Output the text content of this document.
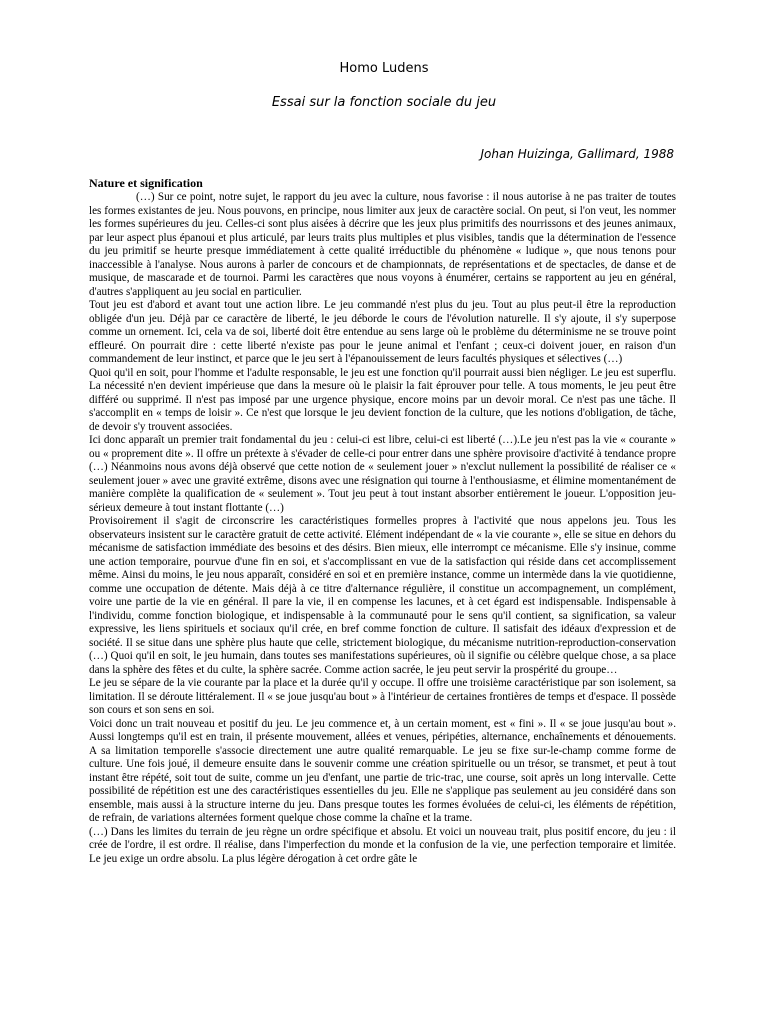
Homo Ludens
Essai sur la fonction sociale du jeu
Johan Huizinga, Gallimard, 1988
Nature et signification

(…) Sur ce point, notre sujet, le rapport du jeu avec la culture, nous favorise : il nous autorise à ne pas traiter de toutes les formes existantes de jeu. Nous pouvons, en principe, nous limiter aux jeux de caractère social. On peut, si l'on veut, les nommer les formes supérieures du jeu. Celles-ci sont plus aisées à décrire que les jeux plus primitifs des nourrissons et des jeunes animaux, par leur aspect plus épanoui et plus articulé, par leurs traits plus multiples et plus visibles, tandis que la détermination de l'essence du jeu primitif se heurte presque immédiatement à cette qualité irréductible du phénomène « ludique », que nous tenons pour inaccessible à l'analyse. Nous aurons à parler de concours et de championnats, de représentations et de spectacles, de danse et de musique, de mascarade et de tournoi. Parmi les caractères que nous voyons à énumérer, certains se rapportent au jeu en général, d'autres s'appliquent au jeu social en particulier.

Tout jeu est d'abord et avant tout une action libre. Le jeu commandé n'est plus du jeu. Tout au plus peut-il être la reproduction obligée d'un jeu. Déjà par ce caractère de liberté, le jeu déborde le cours de l'évolution naturelle. Il s'y ajoute, il s'y superpose comme un ornement. Ici, cela va de soi, liberté doit être entendue au sens large où le problème du déterminisme ne se trouve point effleuré. On pourrait dire : cette liberté n'existe pas pour le jeune animal et l'enfant ; ceux-ci doivent jouer, en raison d'un commandement de leur instinct, et parce que le jeu sert à l'épanouissement de leurs facultés physiques et sélectives (…)

Quoi qu'il en soit, pour l'homme et l'adulte responsable, le jeu est une fonction qu'il pourrait aussi bien négliger. Le jeu est superflu. La nécessité n'en devient impérieuse que dans la mesure où le plaisir la fait éprouver pour telle. A tous moments, le jeu peut être différé ou supprimé. Il n'est pas imposé par une urgence physique, encore moins par un devoir moral. Ce n'est pas une tâche. Il s'accomplit en « temps de loisir ». Ce n'est que lorsque le jeu devient fonction de la culture, que les notions d'obligation, de tâche, de devoir s'y trouvent associées.

Ici donc apparaît un premier trait fondamental du jeu : celui-ci est libre, celui-ci est liberté (…).Le jeu n'est pas la vie « courante » ou « proprement dite ». Il offre un prétexte à s'évader de celle-ci pour entrer dans une sphère provisoire d'activité à tendance propre (…) Néanmoins nous avons déjà observé que cette notion de « seulement jouer » n'exclut nullement la possibilité de réaliser ce « seulement jouer » avec une gravité extrême, disons avec une résignation qui tourne à l'enthousiasme, et élimine momentanément de manière complète la qualification de « seulement ». Tout jeu peut à tout instant absorber entièrement le joueur. L'opposition jeu-sérieux demeure à tout instant flottante (…)

Provisoirement il s'agit de circonscrire les caractéristiques formelles propres à l'activité que nous appelons jeu. Tous les observateurs insistent sur le caractère gratuit de cette activité. Elément indépendant de « la vie courante », elle se situe en dehors du mécanisme de satisfaction immédiate des besoins et des désirs. Bien mieux, elle interrompt ce mécanisme. Elle s'y insinue, comme une action temporaire, pourvue d'une fin en soi, et s'accomplissant en vue de la satisfaction qui réside dans cet accomplissement même. Ainsi du moins, le jeu nous apparaît, considéré en soi et en première instance, comme un intermède dans la vie quotidienne, comme une occupation de détente. Mais déjà à ce titre d'alternance régulière, il constitue un accompagnement, un complément, voire une partie de la vie en général. Il pare la vie, il en compense les lacunes, et à cet égard est indispensable. Indispensable à l'individu, comme fonction biologique, et indispensable à la communauté pour le sens qu'il contient, sa signification, sa valeur expressive, les liens spirituels et sociaux qu'il crée, en bref comme fonction de culture. Il satisfait des idéaux d'expression et de société. Il se situe dans une sphère plus haute que celle, strictement biologique, du mécanisme nutrition-reproduction-conservation (…) Quoi qu'il en soit, le jeu humain, dans toutes ses manifestations supérieures, où il signifie ou célèbre quelque chose, a sa place dans la sphère des fêtes et du culte, la sphère sacrée. Comme action sacrée, le jeu peut servir la prospérité du groupe…

Le jeu se sépare de la vie courante par la place et la durée qu'il y occupe. Il offre une troisième caractéristique par son isolement, sa limitation. Il se déroute littéralement. Il « se joue jusqu'au bout » à l'intérieur de certaines frontières de temps et d'espace. Il possède son cours et son sens en soi.

Voici donc un trait nouveau et positif du jeu. Le jeu commence et, à un certain moment, est « fini ». Il « se joue jusqu'au bout ». Aussi longtemps qu'il est en train, il présente mouvement, allées et venues, péripéties, alternance, enchaînements et dénouements. A sa limitation temporelle s'associe directement une autre qualité remarquable. Le jeu se fixe sur-le-champ comme forme de culture. Une fois joué, il demeure ensuite dans le souvenir comme une création spirituelle ou un trésor, se transmet, et peut à tout instant être répété, soit tout de suite, comme un jeu d'enfant, une partie de tric-trac, une course, soit après un long intervalle. Cette possibilité de répétition est une des caractéristiques essentielles du jeu. Elle ne s'applique pas seulement au jeu considéré dans son ensemble, mais aussi à la structure interne du jeu. Dans presque toutes les formes évoluées de celui-ci, les éléments de répétition, de refrain, de variations alternées forment quelque chose comme la chaîne et la trame.

(…) Dans les limites du terrain de jeu règne un ordre spécifique et absolu. Et voici un nouveau trait, plus positif encore, du jeu : il crée de l'ordre, il est ordre. Il réalise, dans l'imperfection du monde et la confusion de la vie, une perfection temporaire et limitée. Le jeu exige un ordre absolu. La plus légère dérogation à cet ordre gâte le
